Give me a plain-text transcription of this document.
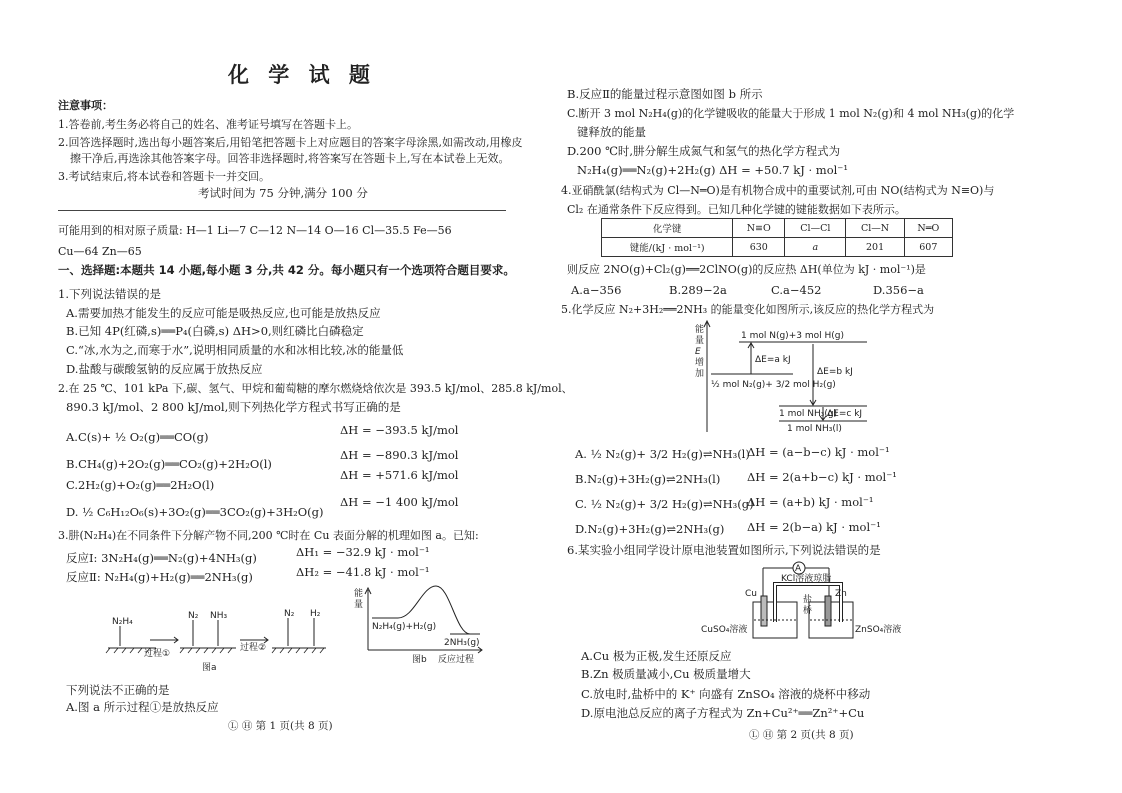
化 学 试 题
注意事项：
1.答卷前,考生务必将自己的姓名、准考证号填写在答题卡上。
2.回答选择题时,选出每小题答案后,用铅笔把答题卡上对应题目的答案字母涂黑,如需改动,用橡皮
擦干净后,再选涂其他答案字母。回答非选择题时,将答案写在答题卡上,写在本试卷上无效。
3.考试结束后,将本试卷和答题卡一并交回。
考试时间为 75 分钟,满分 100 分
可能用到的相对原子质量: H—1 Li—7 C—12 N—14 O—16 Cl—35.5 Fe—56
Cu—64 Zn—65
一、选择题:本题共 14 小题,每小题 3 分,共 42 分。每小题只有一个选项符合题目要求。
1.下列说法错误的是
A.需要加热才能发生的反应可能是吸热反应,也可能是放热反应
B.已知 4P(红磷,s)══P₄(白磷,s) ΔH>0,则红磷比白磷稳定
C.“冰,水为之,而寒于水”,说明相同质量的水和冰相比较,冰的能量低
D.盐酸与碳酸氢钠的反应属于放热反应
2.在 25 ℃、101 kPa 下,碳、氢气、甲烷和葡萄糖的摩尔燃烧焓依次是 393.5 kJ/mol、285.8 kJ/mol、
890.3 kJ/mol、2 800 kJ/mol,则下列热化学方程式书写正确的是
A.C(s)+ ½ O₂(g)══CO(g)	ΔH = −393.5 kJ/mol
B.CH₄(g)+2O₂(g)══CO₂(g)+2H₂O(l)
ΔH = −890.3 kJ/mol
C.2H₂(g)+O₂(g)══2H₂O(l)
ΔH = +571.6 kJ/mol
D. ½ C₆H₁₂O₆(s)+3O₂(g)══3CO₂(g)+3H₂O(g)
ΔH = −1 400 kJ/mol
3.肼(N₂H₄)在不同条件下分解产物不同,200 ℃时在 Cu 表面分解的机理如图 a。已知:
反应Ⅰ: 3N₂H₄(g)══N₂(g)+4NH₃(g)	ΔH₁ = −32.9 kJ · mol⁻¹
反应Ⅱ: N₂H₄(g)+H₂(g)══2NH₃(g)	ΔH₂ = −41.8 kJ · mol⁻¹
N₂H₄
N₂ NH₃	N₂ H₂
过程①
过程②
图a
能
量
N₂H₄(g)+H₂(g)
2NH₃(g)
反应过程
图b
下列说法不正确的是
A.图 a 所示过程①是放热反应
Ⓛ Ⓗ 第 1 页(共 8 页)
B.反应Ⅱ的能量过程示意图如图 b 所示
C.断开 3 mol N₂H₄(g)的化学键吸收的能量大于形成 1 mol N₂(g)和 4 mol NH₃(g)的化学
键释放的能量
D.200 ℃时,肼分解生成氮气和氢气的热化学方程式为
N₂H₄(g)══N₂(g)+2H₂(g) ΔH = +50.7 kJ · mol⁻¹
4.亚硝酰氯(结构式为 Cl—N═O)是有机物合成中的重要试剂,可由 NO(结构式为 N≡O)与
Cl₂ 在通常条件下反应得到。已知几种化学键的键能数据如下表所示。
化学键	N≡O	Cl—Cl	Cl—N	N═O
键能/(kJ · mol⁻¹)	630	a	201	607
则反应 2NO(g)+Cl₂(g)══2ClNO(g)的反应热 ΔH(单位为 kJ · mol⁻¹)是
A.a−356	B.289−2a	C.a−452	D.356−a
5.化学反应 N₂+3H₂══2NH₃ 的能量变化如图所示,该反应的热化学方程式为
能
量
E
增
加
1 mol N(g)+3 mol H(g)
ΔE=a kJ
ΔE=b kJ
½ mol N₂(g)+ 3/2 mol H₂(g)
1 mol NH₃(g)
ΔE=c kJ
1 mol NH₃(l)
A. ½ N₂(g)+ 3/2 H₂(g)⇌NH₃(l)
ΔH = (a−b−c) kJ · mol⁻¹
B.N₂(g)+3H₂(g)⇌2NH₃(l) ΔH = 2(a+b−c) kJ · mol⁻¹
C. ½ N₂(g)+ 3/2 H₂(g)⇌NH₃(g)
ΔH = (a+b) kJ · mol⁻¹
D.N₂(g)+3H₂(g)⇌2NH₃(g) ΔH = 2(b−a) kJ · mol⁻¹
6.某实验小组同学设计原电池装置如图所示,下列说法错误的是
A
KCl溶液琼脂
盐
桥
Cu	Zn
CuSO₄溶液	ZnSO₄溶液
A.Cu 极为正极,发生还原反应
B.Zn 极质量减小,Cu 极质量增大
C.放电时,盐桥中的 K⁺ 向盛有 ZnSO₄ 溶液的烧杯中移动
D.原电池总反应的离子方程式为 Zn+Cu²⁺══Zn²⁺+Cu
Ⓛ Ⓗ 第 2 页(共 8 页)
